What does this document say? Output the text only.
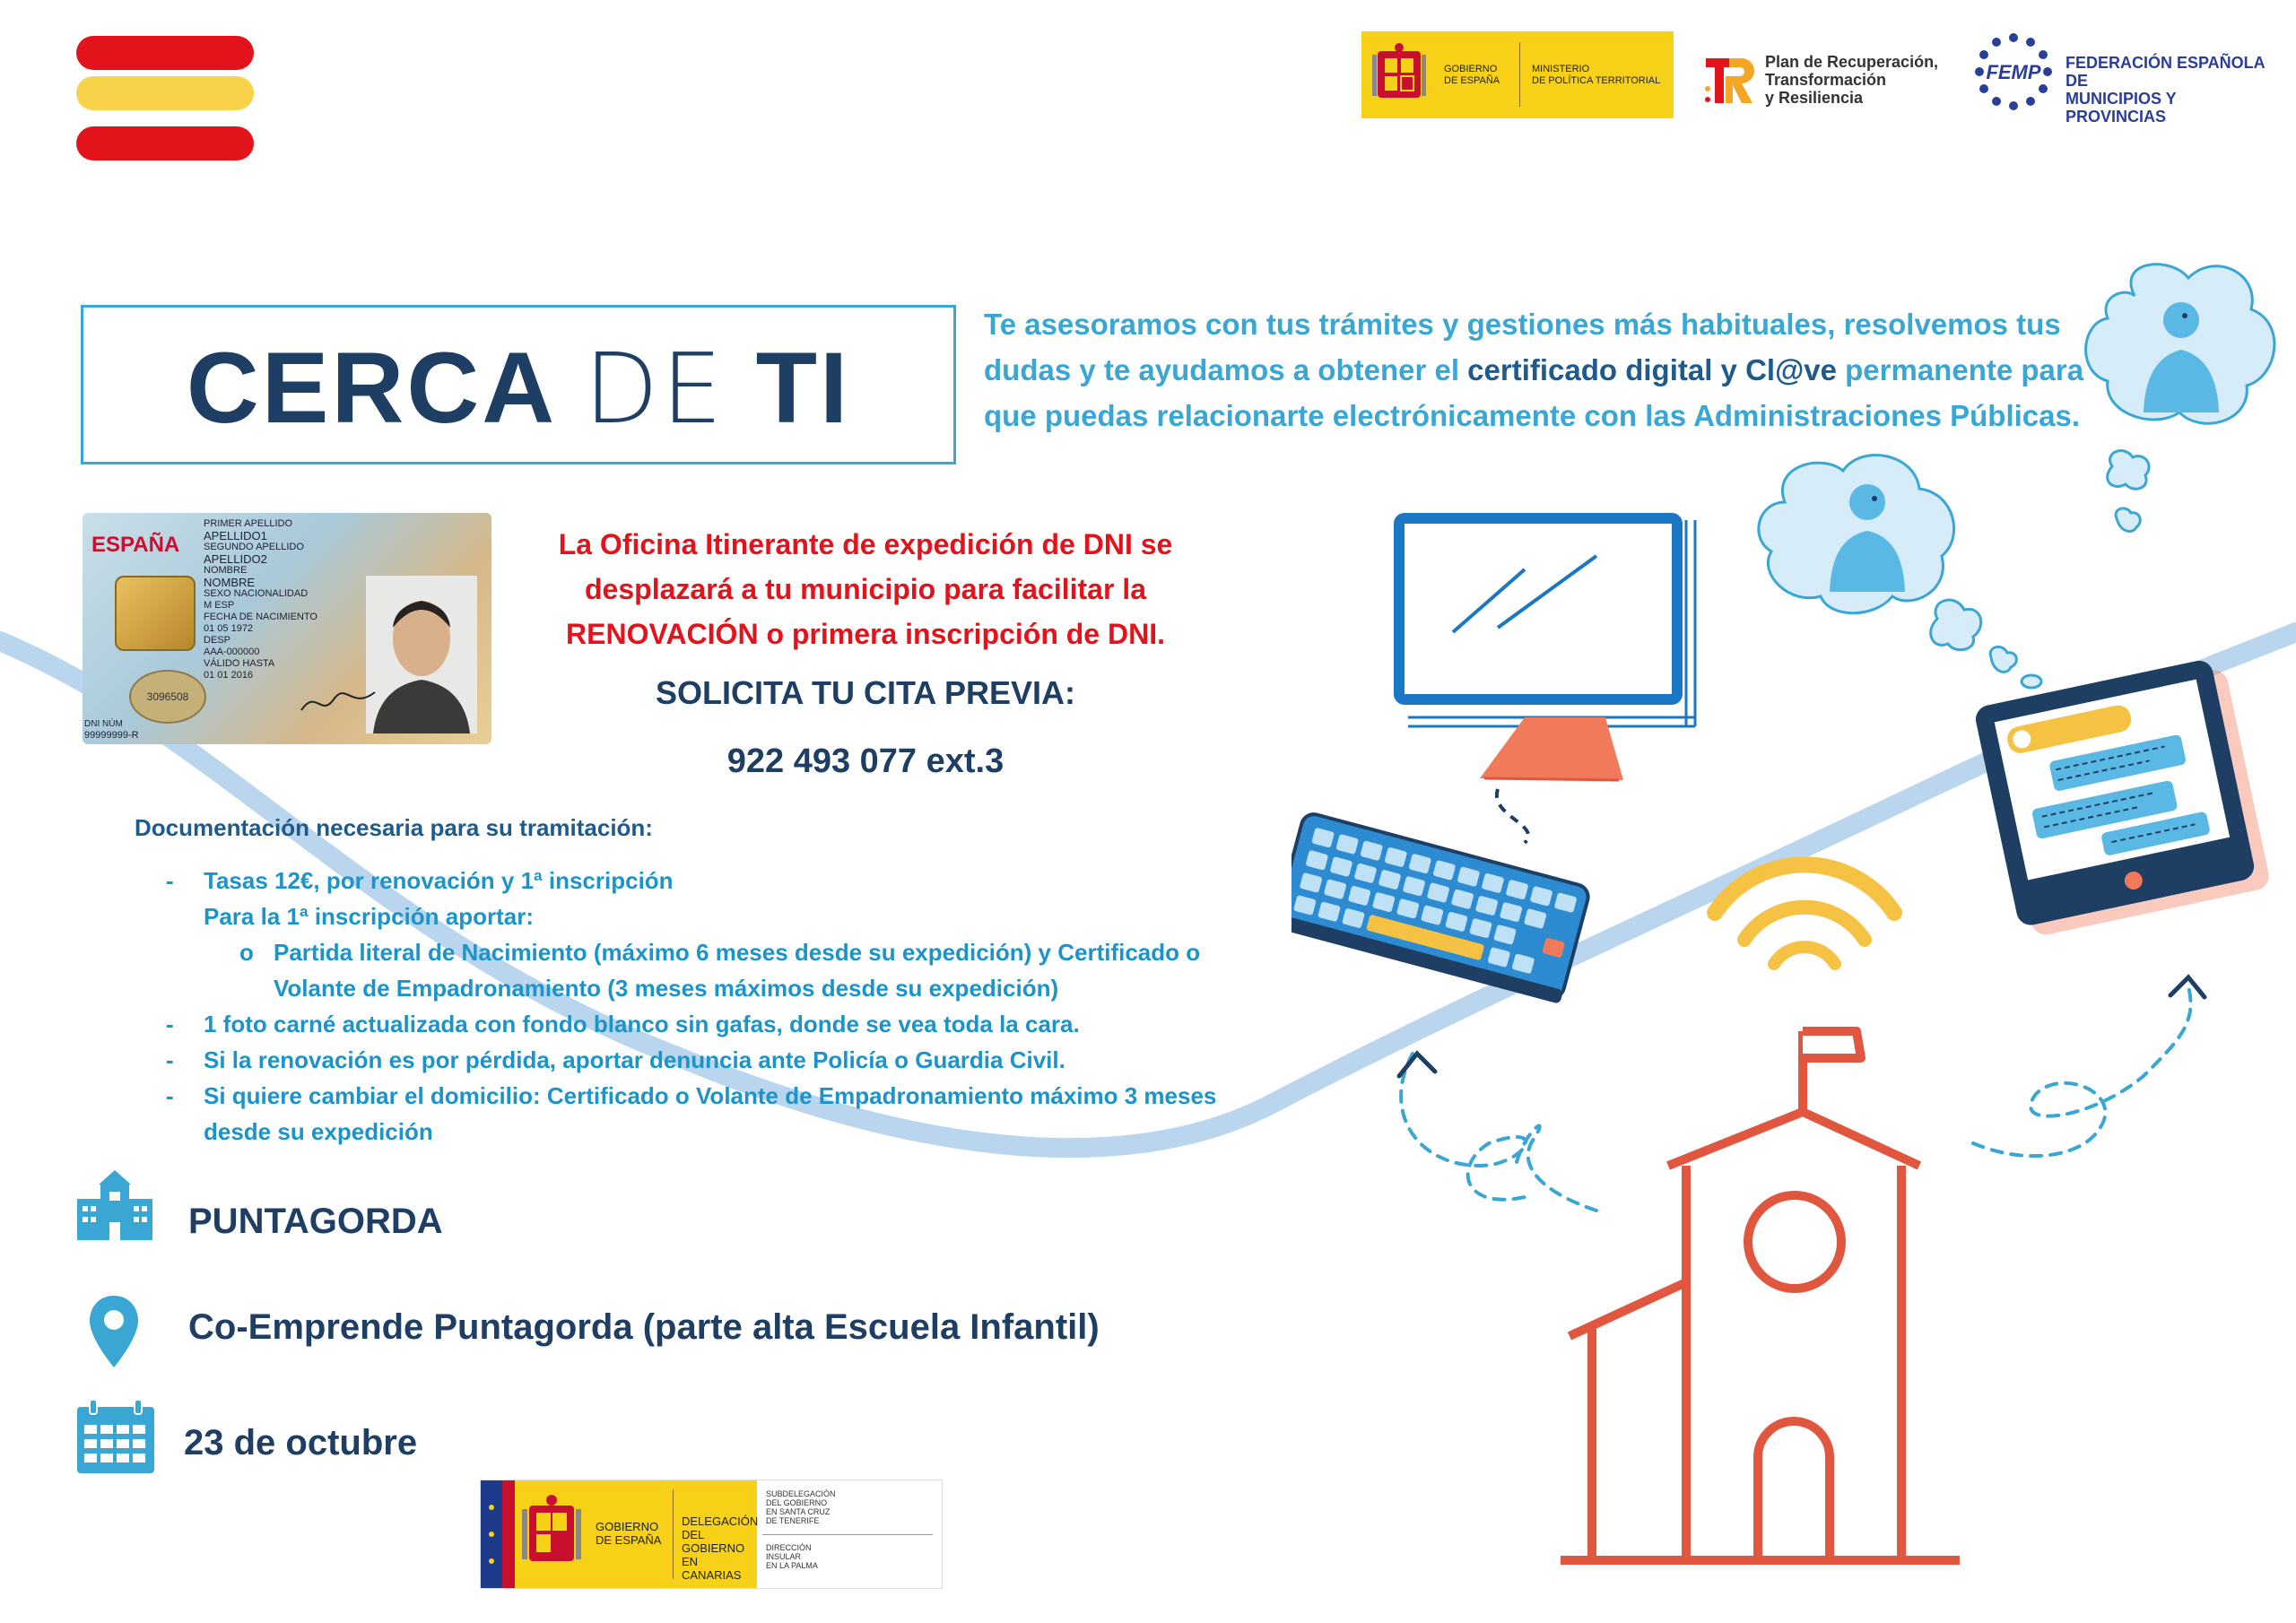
GOBIERNO
DE ESPAÑA
MINISTERIO
DE POLÍTICA TERRITORIAL
Plan de Recuperación,
Transformación
y Resiliencia
FEMP FEDERACIÓN ESPAÑOLA DE
MUNICIPIOS Y PROVINCIAS
CERCA DE TI
Te asesoramos con tus trámites y gestiones más habituales, resolvemos tus dudas y te ayudamos a obtener el certificado digital y Cl@ve permanente para que puedas relacionarte electrónicamente con las Administraciones Públicas.
ESPAÑA
PRIMER APELLIDO
APELLIDO1
SEGUNDO APELLIDO
APELLIDO2
NOMBRE
NOMBRE
SEXO NACIONALIDAD
M ESP
FECHA DE NACIMIENTO
01 05 1972
DESP
AAA-000000
VÁLIDO HASTA
01 01 2016
3096508
DNI NÚM
99999999-R
La Oficina Itinerante de expedición de DNI se
desplazará a tu municipio para facilitar la
RENOVACIÓN o primera inscripción de DNI.
SOLICITA TU CITA PREVIA:
922 493 077 ext.3
Documentación necesaria para su tramitación:
- Tasas 12€, por renovación y 1ª inscripción
Para la 1ª inscripción aportar:
o Partida literal de Nacimiento (máximo 6 meses desde su expedición) y Certificado o Volante de Empadronamiento (3 meses máximos desde su expedición)
- 1 foto carné actualizada con fondo blanco sin gafas, donde se vea toda la cara.
- Si la renovación es por pérdida, aportar denuncia ante Policía o Guardia Civil.
- Si quiere cambiar el domicilio: Certificado o Volante de Empadronamiento máximo 3 meses desde su expedición
PUNTAGORDA
Co-Emprende Puntagorda (parte alta Escuela Infantil)
23 de octubre
GOBIERNO
DE ESPAÑA
DELEGACIÓN
DEL GOBIERNO
EN CANARIAS
SUBDELEGACIÓN
DEL GOBIERNO
EN SANTA CRUZ
DE TENERIFE
DIRECCIÓN
INSULAR
EN LA PALMA
